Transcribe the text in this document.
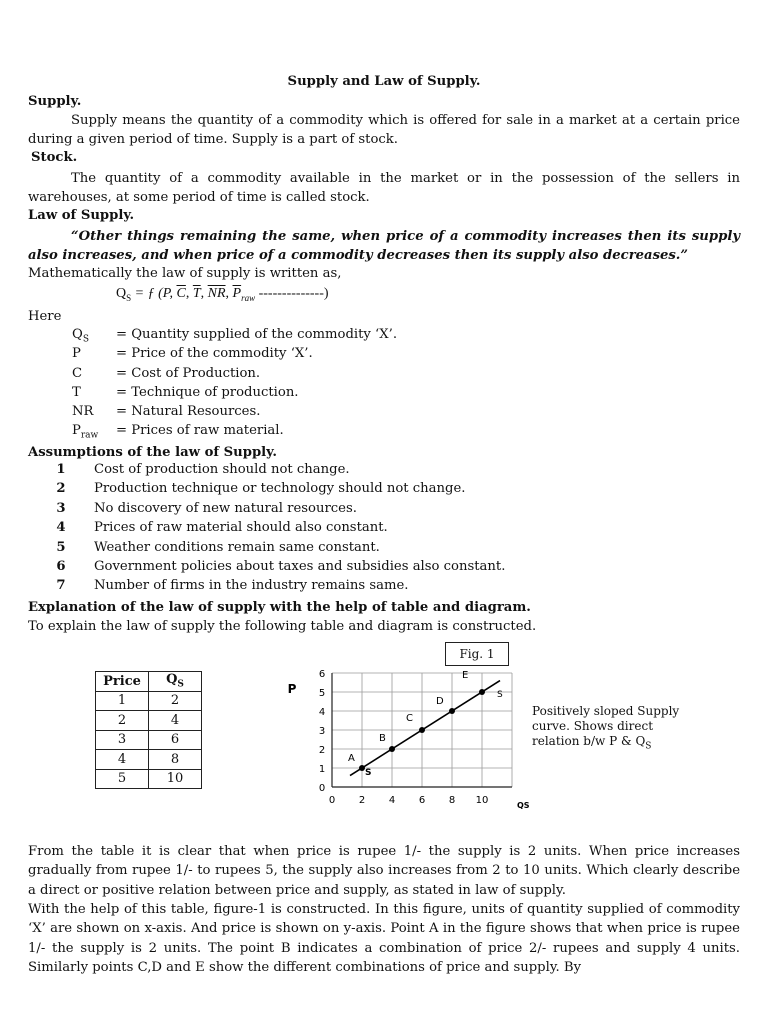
Supply and Law of Supply.
Supply.
Supply means the quantity of a commodity which is offered for sale in a market at a certain price during a given period of time. Supply is a part of stock.
Stock.
The quantity of a commodity available in the market or in the possession of the sellers in warehouses, at some period of time is called stock.
Law of Supply.
“Other things remaining the same, when price of a commodity increases then its supply also increases, and when price of a commodity decreases then its supply also decreases.”
Mathematically the law of supply is written as,
$Q_S$ = ƒ (P, $\overline{C}$, $\overline{T}$, $\overline{NR}$, $\overline{P}_{raw}$ --------------)
Here
$Q_S$	= Quantity supplied of the commodity ‘X’.
P	= Price of the commodity ‘X’.
C	= Cost of Production.
T	= Technique of production.
NR	= Natural Resources.
$P_{raw}$	= Prices of raw material.
Assumptions of the law of Supply.
1	Cost of production should not change.
2	Production technique or technology should not change.
3	No discovery of new natural resources.
4	Prices of raw material should also constant.
5	Weather conditions remain same constant.
6	Government policies about taxes and subsidies also constant.
7	Number of firms in the industry remains same.
Explanation of the law of supply with the help of table and diagram.
To explain the law of supply the following table and diagram is constructed.
Price	$Q_S$
1	2
2	4
3	6
4	8
5	10
Fig. 1
0 2 4 6 8 10
0
1
2
3
4
5
6
QS
P
A
B
C
D
E
S
S
Positively sloped Supply curve. Shows direct relation b/w P & $Q_S$
From the table it is clear that when price is rupee 1/- the supply is 2 units. When price increases gradually from rupee 1/- to rupees 5, the supply also increases from 2 to 10 units. Which clearly describe a direct or positive relation between price and supply, as stated in law of supply.
With the help of this table, figure-1 is constructed. In this figure, units of quantity supplied of commodity ‘X’ are shown on x-axis. And price is shown on y-axis. Point A in the figure shows that when price is rupee 1/- the supply is 2 units. The point B indicates a combination of price 2/- rupees and supply 4 units. Similarly points C,D and E show the different combinations of price and supply. By
